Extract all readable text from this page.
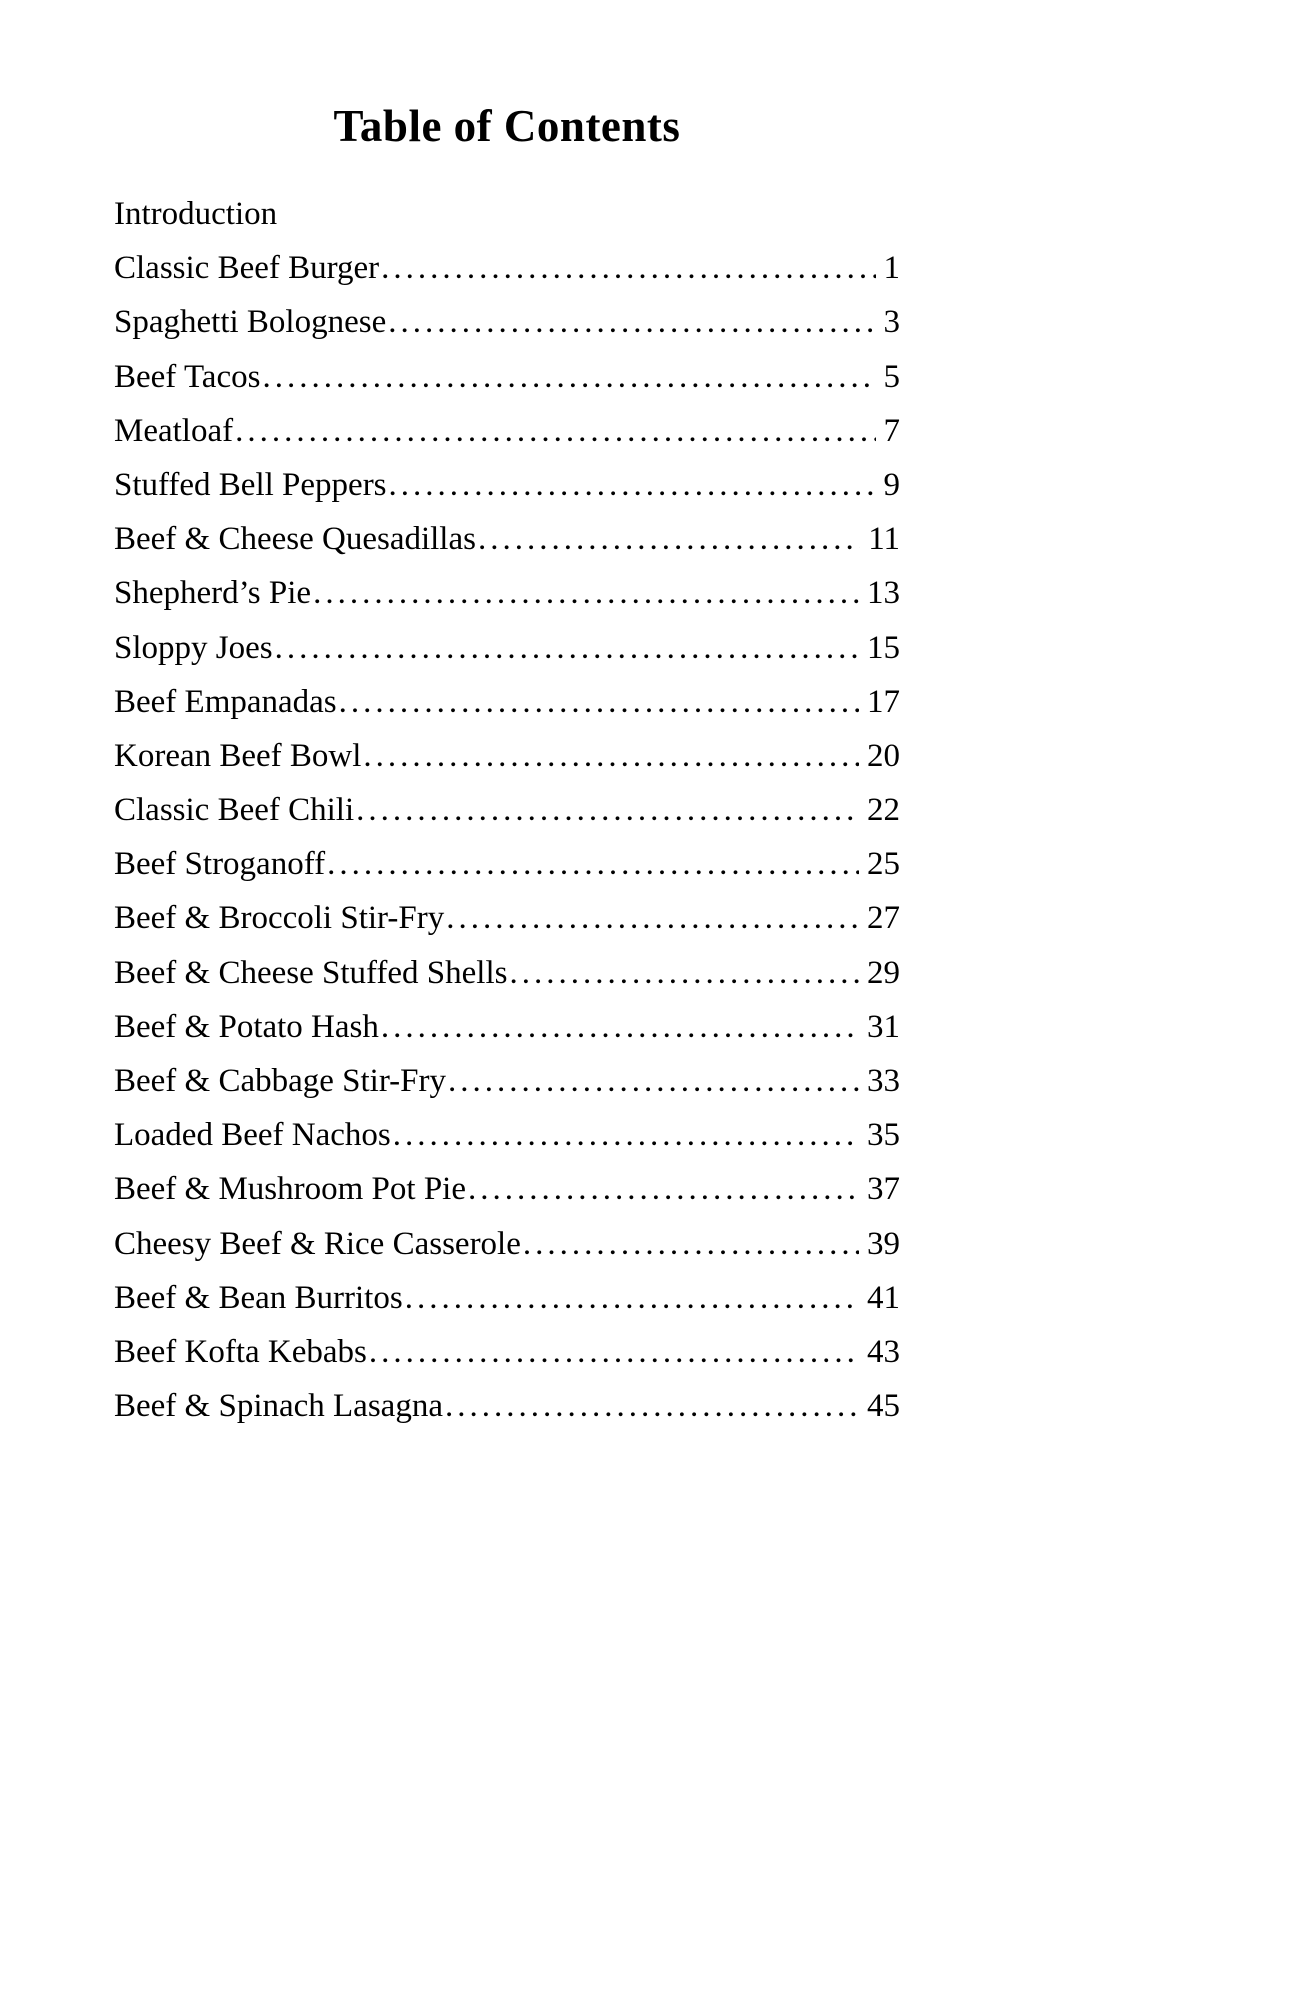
Table of Contents
Introduction
Classic Beef Burger .....	1
Spaghetti Bolognese .....	3
Beef Tacos .....	5
Meatloaf .....	7
Stuffed Bell Peppers .....	9
Beef & Cheese Quesadillas .....	11
Shepherd’s Pie .....	13
Sloppy Joes .....	15
Beef Empanadas .....	17
Korean Beef Bowl .....	20
Classic Beef Chili .....	22
Beef Stroganoff .....	25
Beef & Broccoli Stir-Fry .....	27
Beef & Cheese Stuffed Shells .....	29
Beef & Potato Hash .....	31
Beef & Cabbage Stir-Fry .....	33
Loaded Beef Nachos .....	35
Beef & Mushroom Pot Pie .....	37
Cheesy Beef & Rice Casserole .....	39
Beef & Bean Burritos .....	41
Beef Kofta Kebabs .....	43
Beef & Spinach Lasagna .....	45
